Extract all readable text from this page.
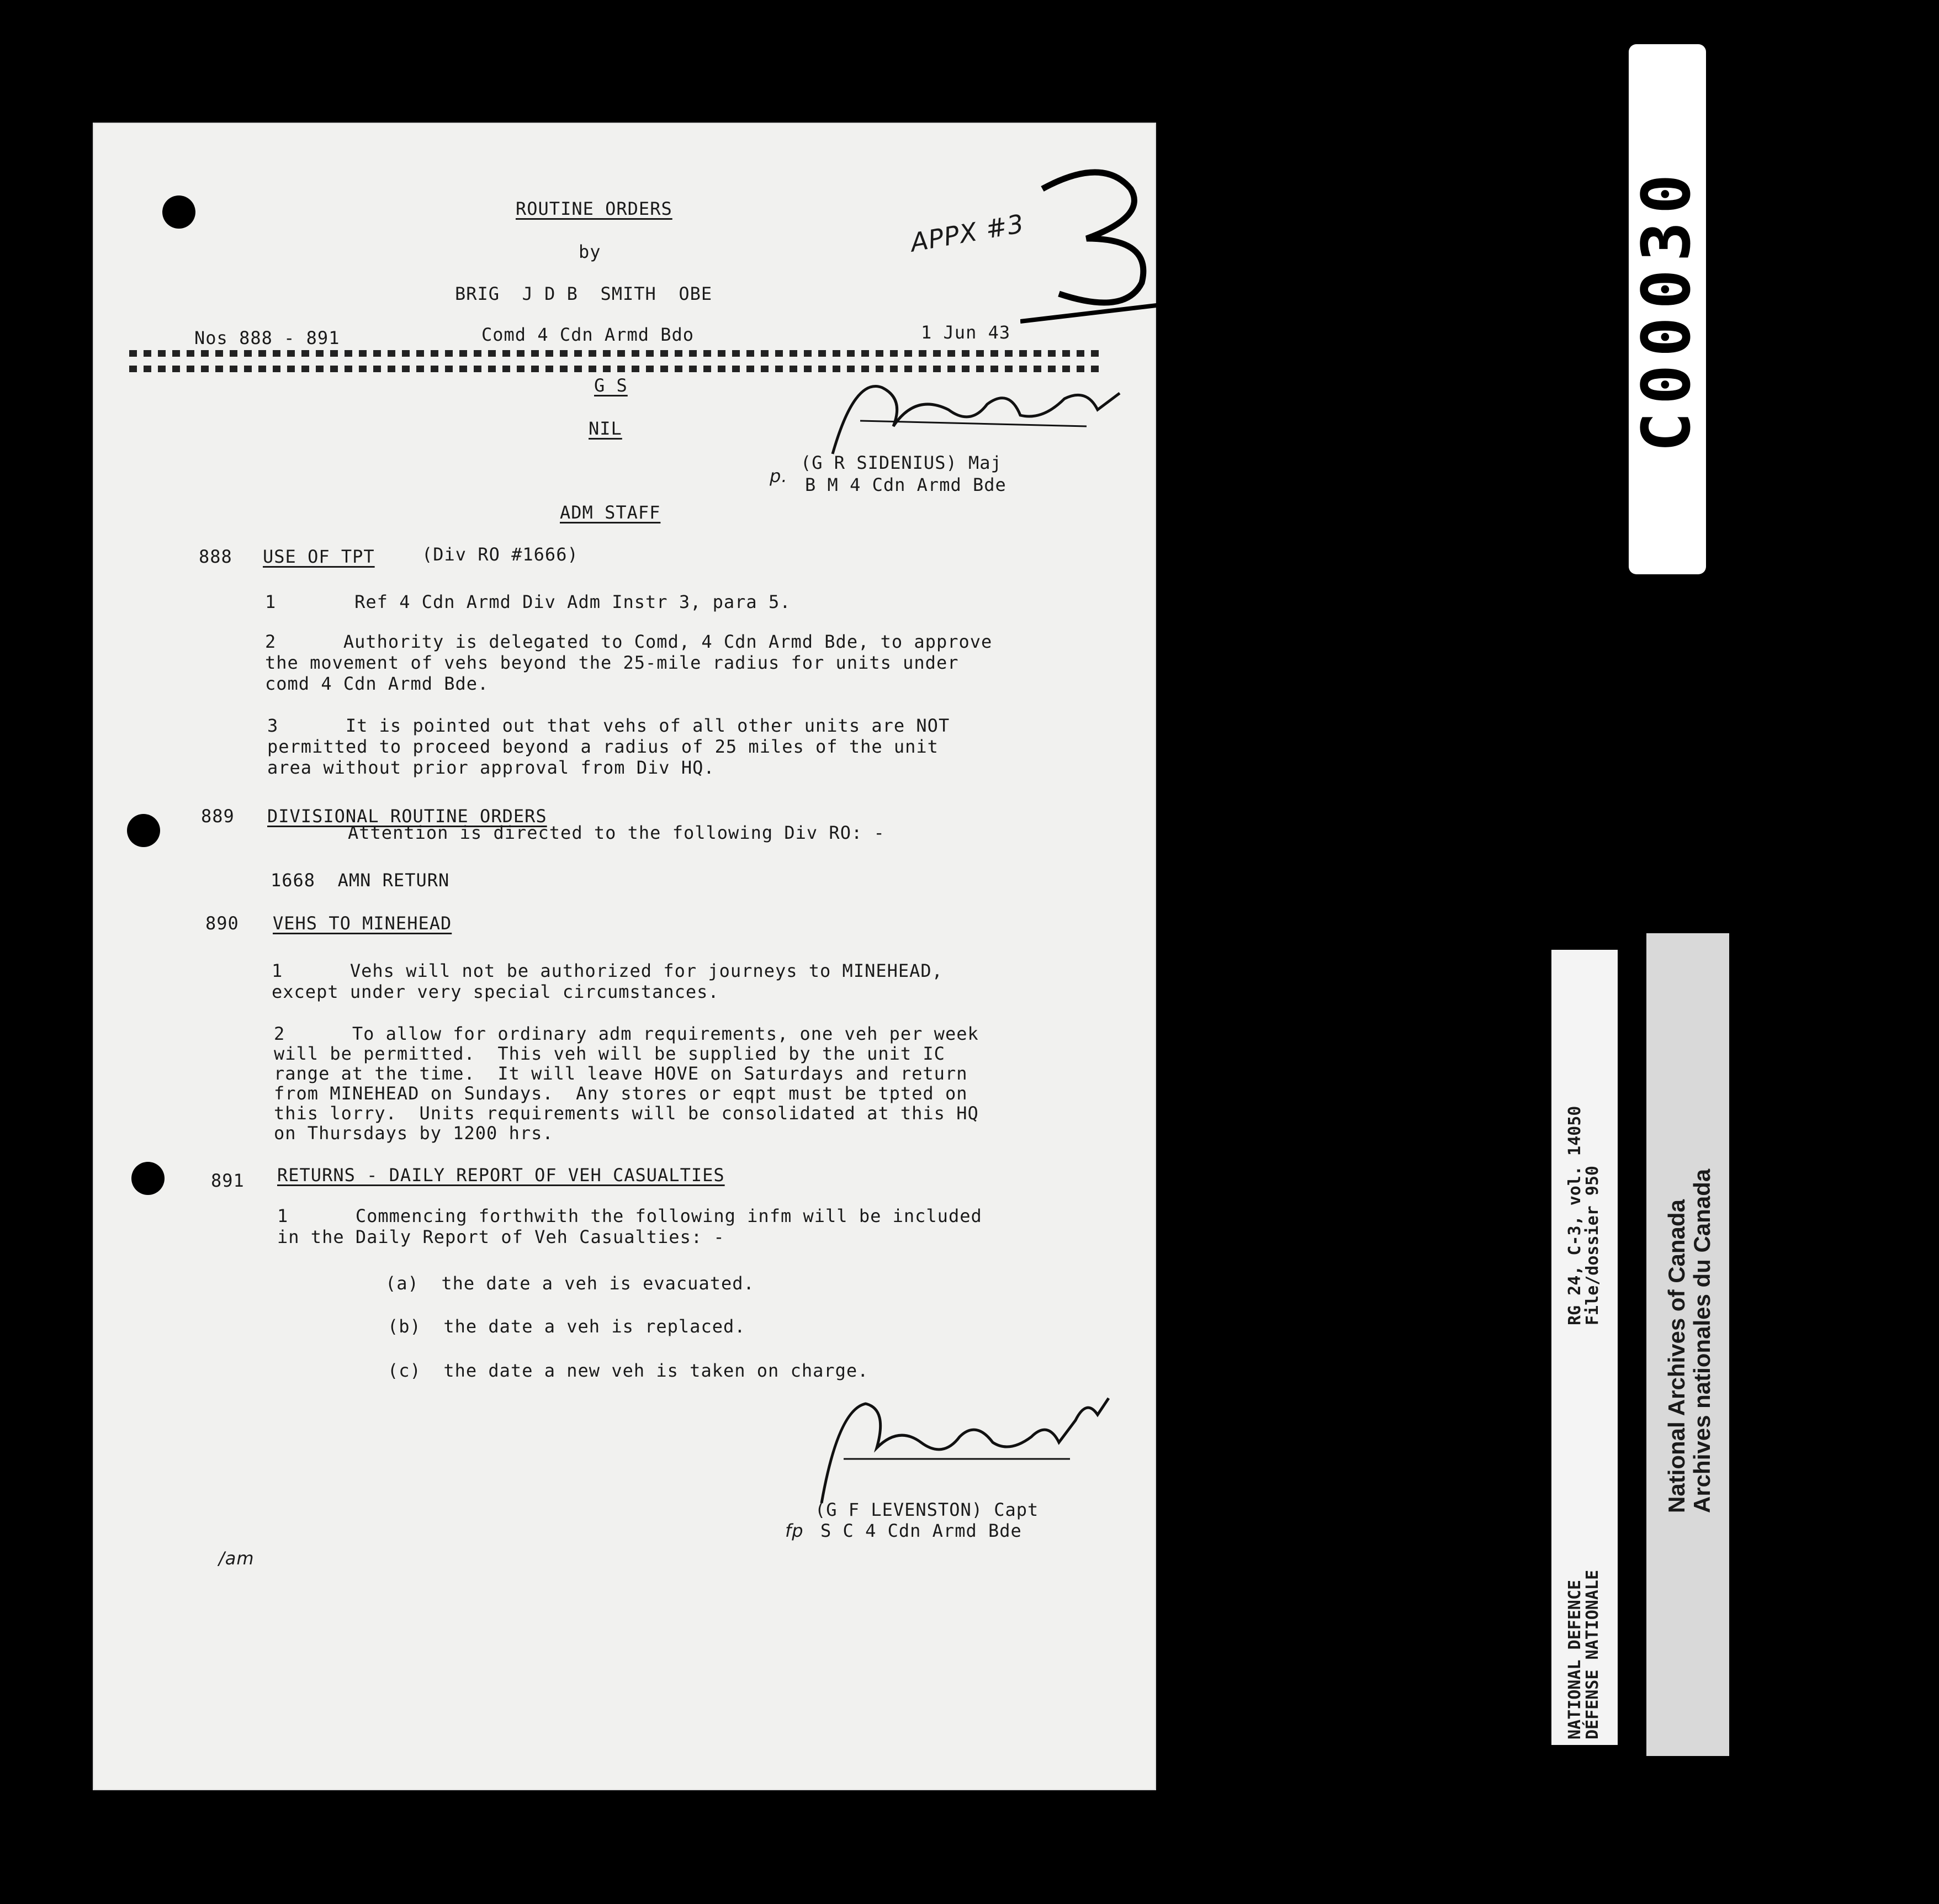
ROUTINE ORDERS
by
BRIG  J D B  SMITH  OBE
Nos 888 - 891	Comd 4 Cdn Armd Bdo	1 Jun 43
APPX #3
G S
NIL
p.
(G R SIDENIUS) Maj
B M 4 Cdn Armd Bde
ADM STAFF
888 USE OF TPT	(Div RO #1666)
1       Ref 4 Cdn Armd Div Adm Instr 3, para 5.
2      Authority is delegated to Comd, 4 Cdn Armd Bde, to approve
the movement of vehs beyond the 25-mile radius for units under
comd 4 Cdn Armd Bde.
3      It is pointed out that vehs of all other units are NOT
permitted to proceed beyond a radius of 25 miles of the unit
area without prior approval from Div HQ.
889 DIVISIONAL ROUTINE ORDERS
Attention is directed to the following Div RO: -
1668  AMN RETURN
890 VEHS TO MINEHEAD
1      Vehs will not be authorized for journeys to MINEHEAD,
except under very special circumstances.
2      To allow for ordinary adm requirements, one veh per week
will be permitted.  This veh will be supplied by the unit IC
range at the time.  It will leave HOVE on Saturdays and return
from MINEHEAD on Sundays.  Any stores or eqpt must be tpted on
this lorry.  Units requirements will be consolidated at this HQ
on Thursdays by 1200 hrs.
891 RETURNS - DAILY REPORT OF VEH CASUALTIES
1      Commencing forthwith the following infm will be included
in the Daily Report of Veh Casualties: -
(a)  the date a veh is evacuated.
(b)  the date a veh is replaced.
(c)  the date a new veh is taken on charge.
fp
(G F LEVENSTON) Capt
S C 4 Cdn Armd Bde
/am
C00030
RG 24, C-3, vol. 14050
File/dossier 950
NATIONAL DEFENCE
DÉFENSE NATIONALE
National Archives of Canada Archives nationales du Canada
